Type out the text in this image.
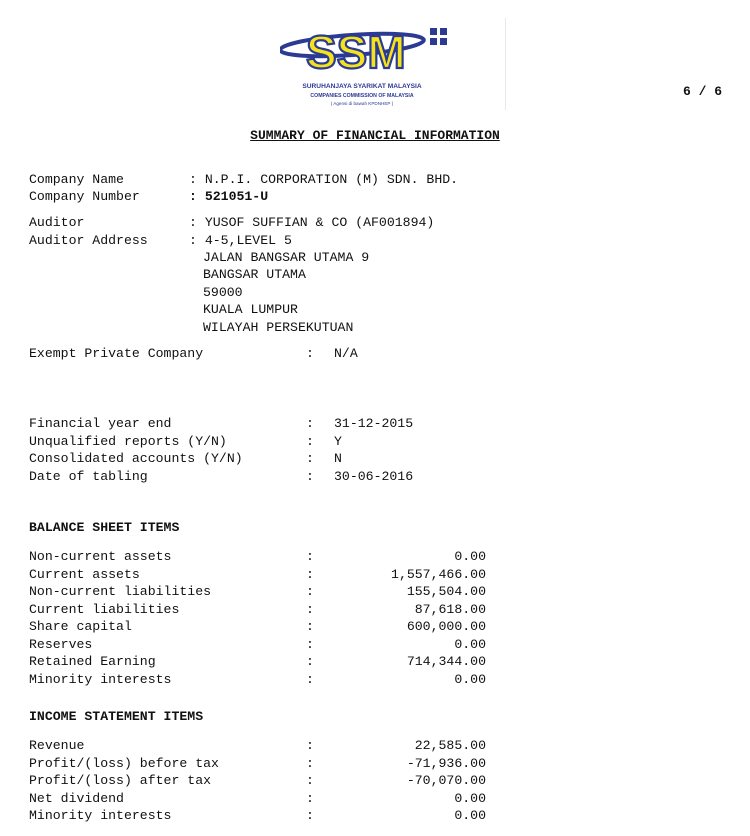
SSM
SURUHANJAYA SYARIKAT MALAYSIA
COMPANIES COMMISSION OF MALAYSIA
( Agensi di bawah KPDNHEP )
6 / 6
SUMMARY OF FINANCIAL INFORMATION
Company Name	: N.P.I. CORPORATION (M) SDN. BHD.
Company Number	: 521051-U
Auditor	: YUSOF SUFFIAN & CO (AF001894)
Auditor Address	: 4-5,LEVEL 5
JALAN BANGSAR UTAMA 9
BANGSAR UTAMA
59000
KUALA LUMPUR
WILAYAH PERSEKUTUAN
Exempt Private Company	: N/A
Financial year end	: 31-12-2015
Unqualified reports (Y/N)	: Y
Consolidated accounts (Y/N)	: N
Date of tabling	: 30-06-2016
BALANCE SHEET ITEMS
Non-current assets	:	0.00
Current assets	:	1,557,466.00
Non-current liabilities	:	155,504.00
Current liabilities	:	87,618.00
Share capital	:	600,000.00
Reserves	:	0.00
Retained Earning	:	714,344.00
Minority interests	:	0.00
INCOME STATEMENT ITEMS
Revenue	:	22,585.00
Profit/(loss) before tax	:	-71,936.00
Profit/(loss) after tax	:	-70,070.00
Net dividend	:	0.00
Minority interests	:	0.00
